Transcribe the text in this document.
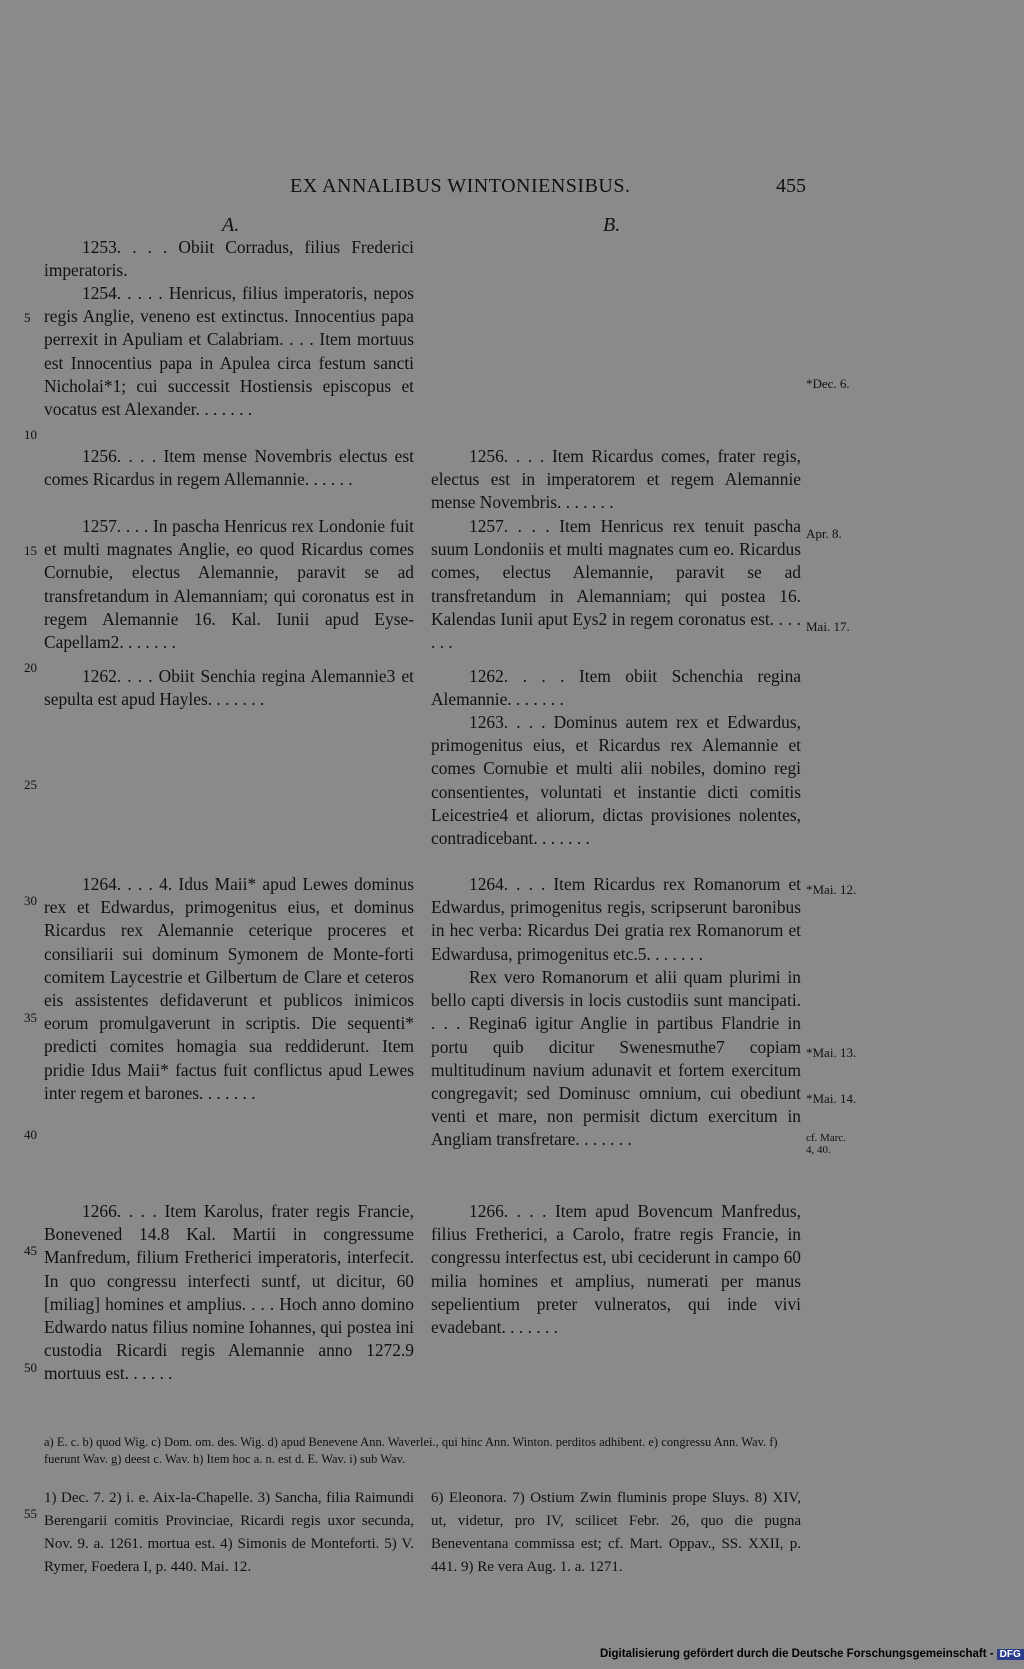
EX ANNALIBUS WINTONIENSIBUS.	455
A.	B.

1253. . . . Obiit Corradus, filius Frederici imperatoris.

1254. . . . . Henricus, filius imperatoris, nepos regis Anglie, veneno est extinctus. Innocentius papa perrexit in Apuliam et Calabriam. . . . Item mortuus est Innocentius papa in Apulea circa festum sancti Nicholai*1; cui successit Hostiensis episcopus et vocatus est Alexander. . . . . . .

1256. . . . Item mense Novembris electus est comes Ricardus in regem Allemannie. . . . . .

1257. . . . In pascha Henricus rex Londonie fuit et multi magnates Anglie, eo quod Ricardus comes Cornubie, electus Alemannie, paravit se ad transfretandum in Alemanniam; qui coronatus est in regem Alemannie 16. Kal. Iunii apud Eyse-Capellam2. . . . . . .

1262. . . . Obiit Senchia regina Alemannie3 et sepulta est apud Hayles. . . . . . .

1264. . . . 4. Idus Maii* apud Lewes dominus rex et Edwardus, primogenitus eius, et dominus Ricardus rex Alemannie ceterique proceres et consiliarii sui dominum Symonem de Monte-forti comitem Laycestrie et Gilbertum de Clare et ceteros eis assistentes defidaverunt et publicos inimicos eorum promulgaverunt in scriptis. Die sequenti* predicti comites homagia sua reddiderunt. Item pridie Idus Maii* factus fuit conflictus apud Lewes inter regem et barones. . . . . . .

1266. . . . Item Karolus, frater regis Francie, Bonevened 14.8 Kal. Martii in congressume Manfredum, filium Fretherici imperatoris, interfecit. In quo congressu interfecti suntf, ut dicitur, 60 [miliag] homines et amplius. . . . Hoch anno domino Edwardo natus filius nomine Iohannes, qui postea ini custodia Ricardi regis Alemannie anno 1272.9 mortuus est. . . . . .

1256. . . . Item Ricardus comes, frater regis, electus est in imperatorem et regem Alemannie mense Novembris. . . . . . .

1257. . . . Item Henricus rex tenuit pascha suum Londoniis et multi magnates cum eo. Ricardus comes, electus Alemannie, paravit se ad transfretandum in Alemanniam; qui postea 16. Kalendas Iunii aput Eys2 in regem coronatus est. . . . . . .

1262. . . . Item obiit Schenchia regina Alemannie. . . . . . .

1263. . . . Dominus autem rex et Edwardus, primogenitus eius, et Ricardus rex Alemannie et comes Cornubie et multi alii nobiles, domino regi consentientes, voluntati et instantie dicti comitis Leicestrie4 et aliorum, dictas provisiones nolentes, contradicebant. . . . . . .

1264. . . . Item Ricardus rex Romanorum et Edwardus, primogenitus regis, scripserunt baronibus in hec verba: Ricardus Dei gratia rex Romanorum et Edwardusa, primogenitus etc.5. . . . . . .

Rex vero Romanorum et alii quam plurimi in bello capti diversis in locis custodiis sunt mancipati. . . . Regina6 igitur Anglie in partibus Flandrie in portu quib dicitur Swenesmuthe7 copiam multitudinum navium adunavit et fortem exercitum congregavit; sed Dominusc omnium, cui obediunt venti et mare, non permisit dictum exercitum in Angliam transfretare. . . . . . .

1266. . . . Item apud Bovencum Manfredus, filius Fretherici, a Carolo, fratre regis Francie, in congressu interfectus est, ubi ceciderunt in campo 60 milia homines et amplius, numerati per manus sepelientium preter vulneratos, qui inde vivi evadebant. . . . . . .

5
10
15
20
25
30
35
40
45
50
55
*Dec. 6.
Apr. 8.
Mai. 17.
*Mai. 12.
*Mai. 13.
*Mai. 14.
cf. Marc. 4, 40.
a) E. c. b) quod Wig. c) Dom. om. des. Wig. d) apud Benevene Ann. Waverlei., qui hinc Ann. Winton. perditos adhibent. e) congressu Ann. Wav. f) fuerunt Wav. g) deest c. Wav. h) Item hoc a. n. est d. E. Wav. i) sub Wav.
1) Dec. 7. 2) i. e. Aix-la-Chapelle. 3) Sancha, filia Raimundi Berengarii comitis Provinciae, Ricardi regis uxor secunda, Nov. 9. a. 1261. mortua est. 4) Simonis de Monteforti. 5) V. Rymer, Foedera I, p. 440. Mai. 12.
6) Eleonora. 7) Ostium Zwin fluminis prope Sluys. 8) XIV, ut, videtur, pro IV, scilicet Febr. 26, quo die pugna Beneventana commissa est; cf. Mart. Oppav., SS. XXII, p. 441. 9) Re vera Aug. 1. a. 1271.
Digitalisierung gefördert durch die Deutsche Forschungsgemeinschaft - DFG
